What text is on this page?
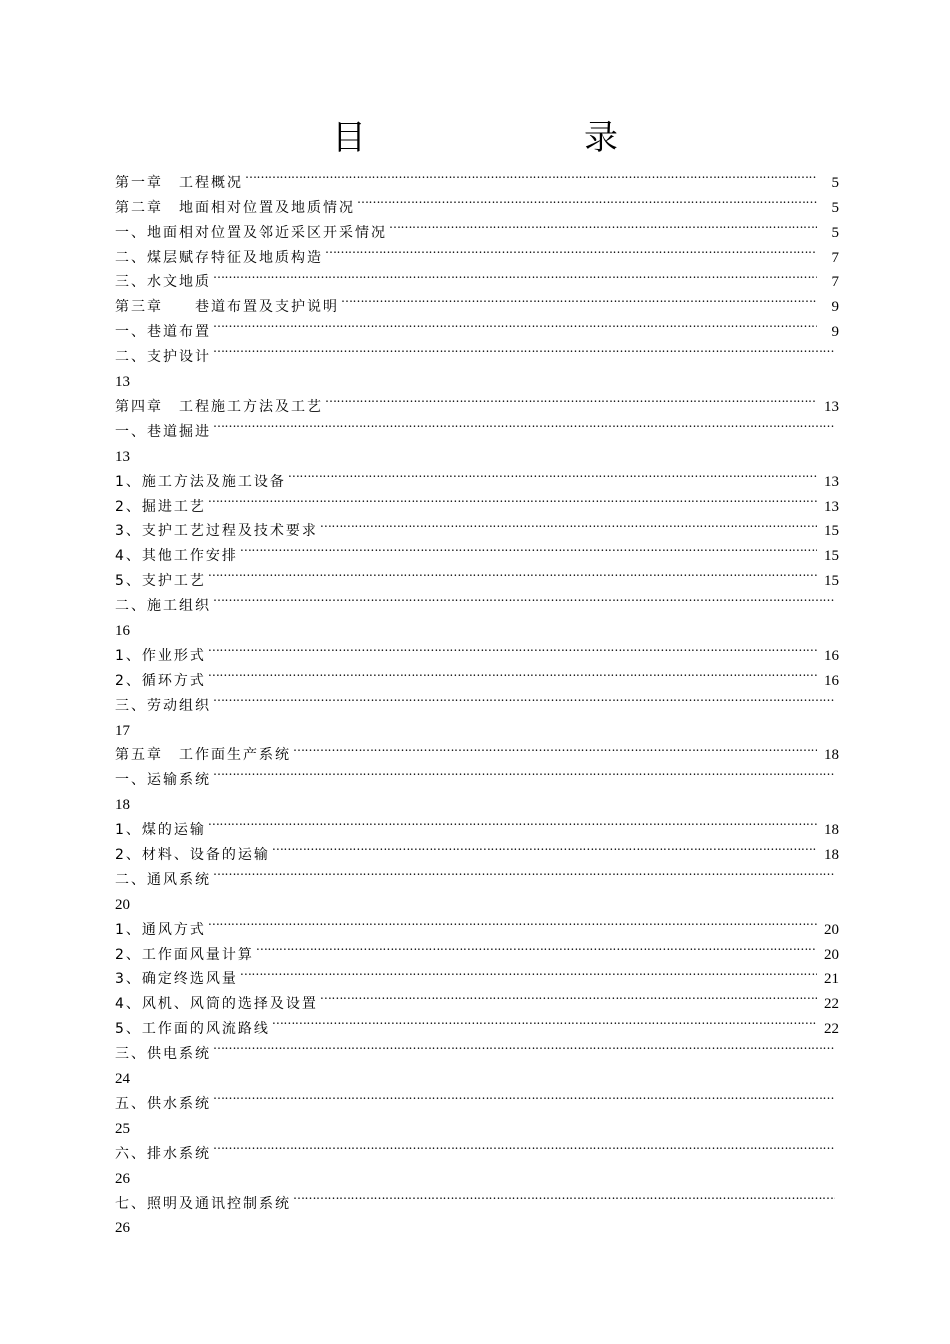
目　　录
第一章　工程概况 ……………………………………………………………………………………………………………………………………………………………………………………………	5
第二章　地面相对位置及地质情况 ……………………………………………………………………………………………………………………………………………………………………………………………	5
一、地面相对位置及邻近采区开采情况 ……………………………………………………………………………………………………………………………………………………………………………………………	5
二、煤层赋存特征及地质构造 ……………………………………………………………………………………………………………………………………………………………………………………………	7
三、水文地质 ……………………………………………………………………………………………………………………………………………………………………………………………	7
第三章　　巷道布置及支护说明 ……………………………………………………………………………………………………………………………………………………………………………………………	9
一、巷道布置 ……………………………………………………………………………………………………………………………………………………………………………………………	9
二、支护设计
……………………………………………………………………………………………………………………………………………………………………………………………
13
第四章　工程施工方法及工艺 ……………………………………………………………………………………………………………………………………………………………………………………………	13
一、巷道掘进
……………………………………………………………………………………………………………………………………………………………………………………………
13
1、施工方法及施工设备 ……………………………………………………………………………………………………………………………………………………………………………………………	13
2、掘进工艺 ……………………………………………………………………………………………………………………………………………………………………………………………	13
3、支护工艺过程及技术要求 ……………………………………………………………………………………………………………………………………………………………………………………………	15
4、其他工作安排 ……………………………………………………………………………………………………………………………………………………………………………………………	15
5、支护工艺 ……………………………………………………………………………………………………………………………………………………………………………………………	15
二、施工组织
……………………………………………………………………………………………………………………………………………………………………………………………
16
1、作业形式 ……………………………………………………………………………………………………………………………………………………………………………………………	16
2、循环方式 ……………………………………………………………………………………………………………………………………………………………………………………………	16
三、劳动组织
……………………………………………………………………………………………………………………………………………………………………………………………
17
第五章　工作面生产系统 ……………………………………………………………………………………………………………………………………………………………………………………………	18
一、运输系统
……………………………………………………………………………………………………………………………………………………………………………………………
18
1、煤的运输 ……………………………………………………………………………………………………………………………………………………………………………………………	18
2、材料、设备的运输 ……………………………………………………………………………………………………………………………………………………………………………………………	18
二、通风系统
……………………………………………………………………………………………………………………………………………………………………………………………
20
1、通风方式 ……………………………………………………………………………………………………………………………………………………………………………………………	20
2、工作面风量计算 ……………………………………………………………………………………………………………………………………………………………………………………………	20
3、确定终选风量 ……………………………………………………………………………………………………………………………………………………………………………………………	21
4、风机、风筒的选择及设置 ……………………………………………………………………………………………………………………………………………………………………………………………	22
5、工作面的风流路线 ……………………………………………………………………………………………………………………………………………………………………………………………	22
三、供电系统
……………………………………………………………………………………………………………………………………………………………………………………………
24
五、供水系统
……………………………………………………………………………………………………………………………………………………………………………………………
25
六、排水系统
……………………………………………………………………………………………………………………………………………………………………………………………
26
七、照明及通讯控制系统
……………………………………………………………………………………………………………………………………………………………………………………………
26
